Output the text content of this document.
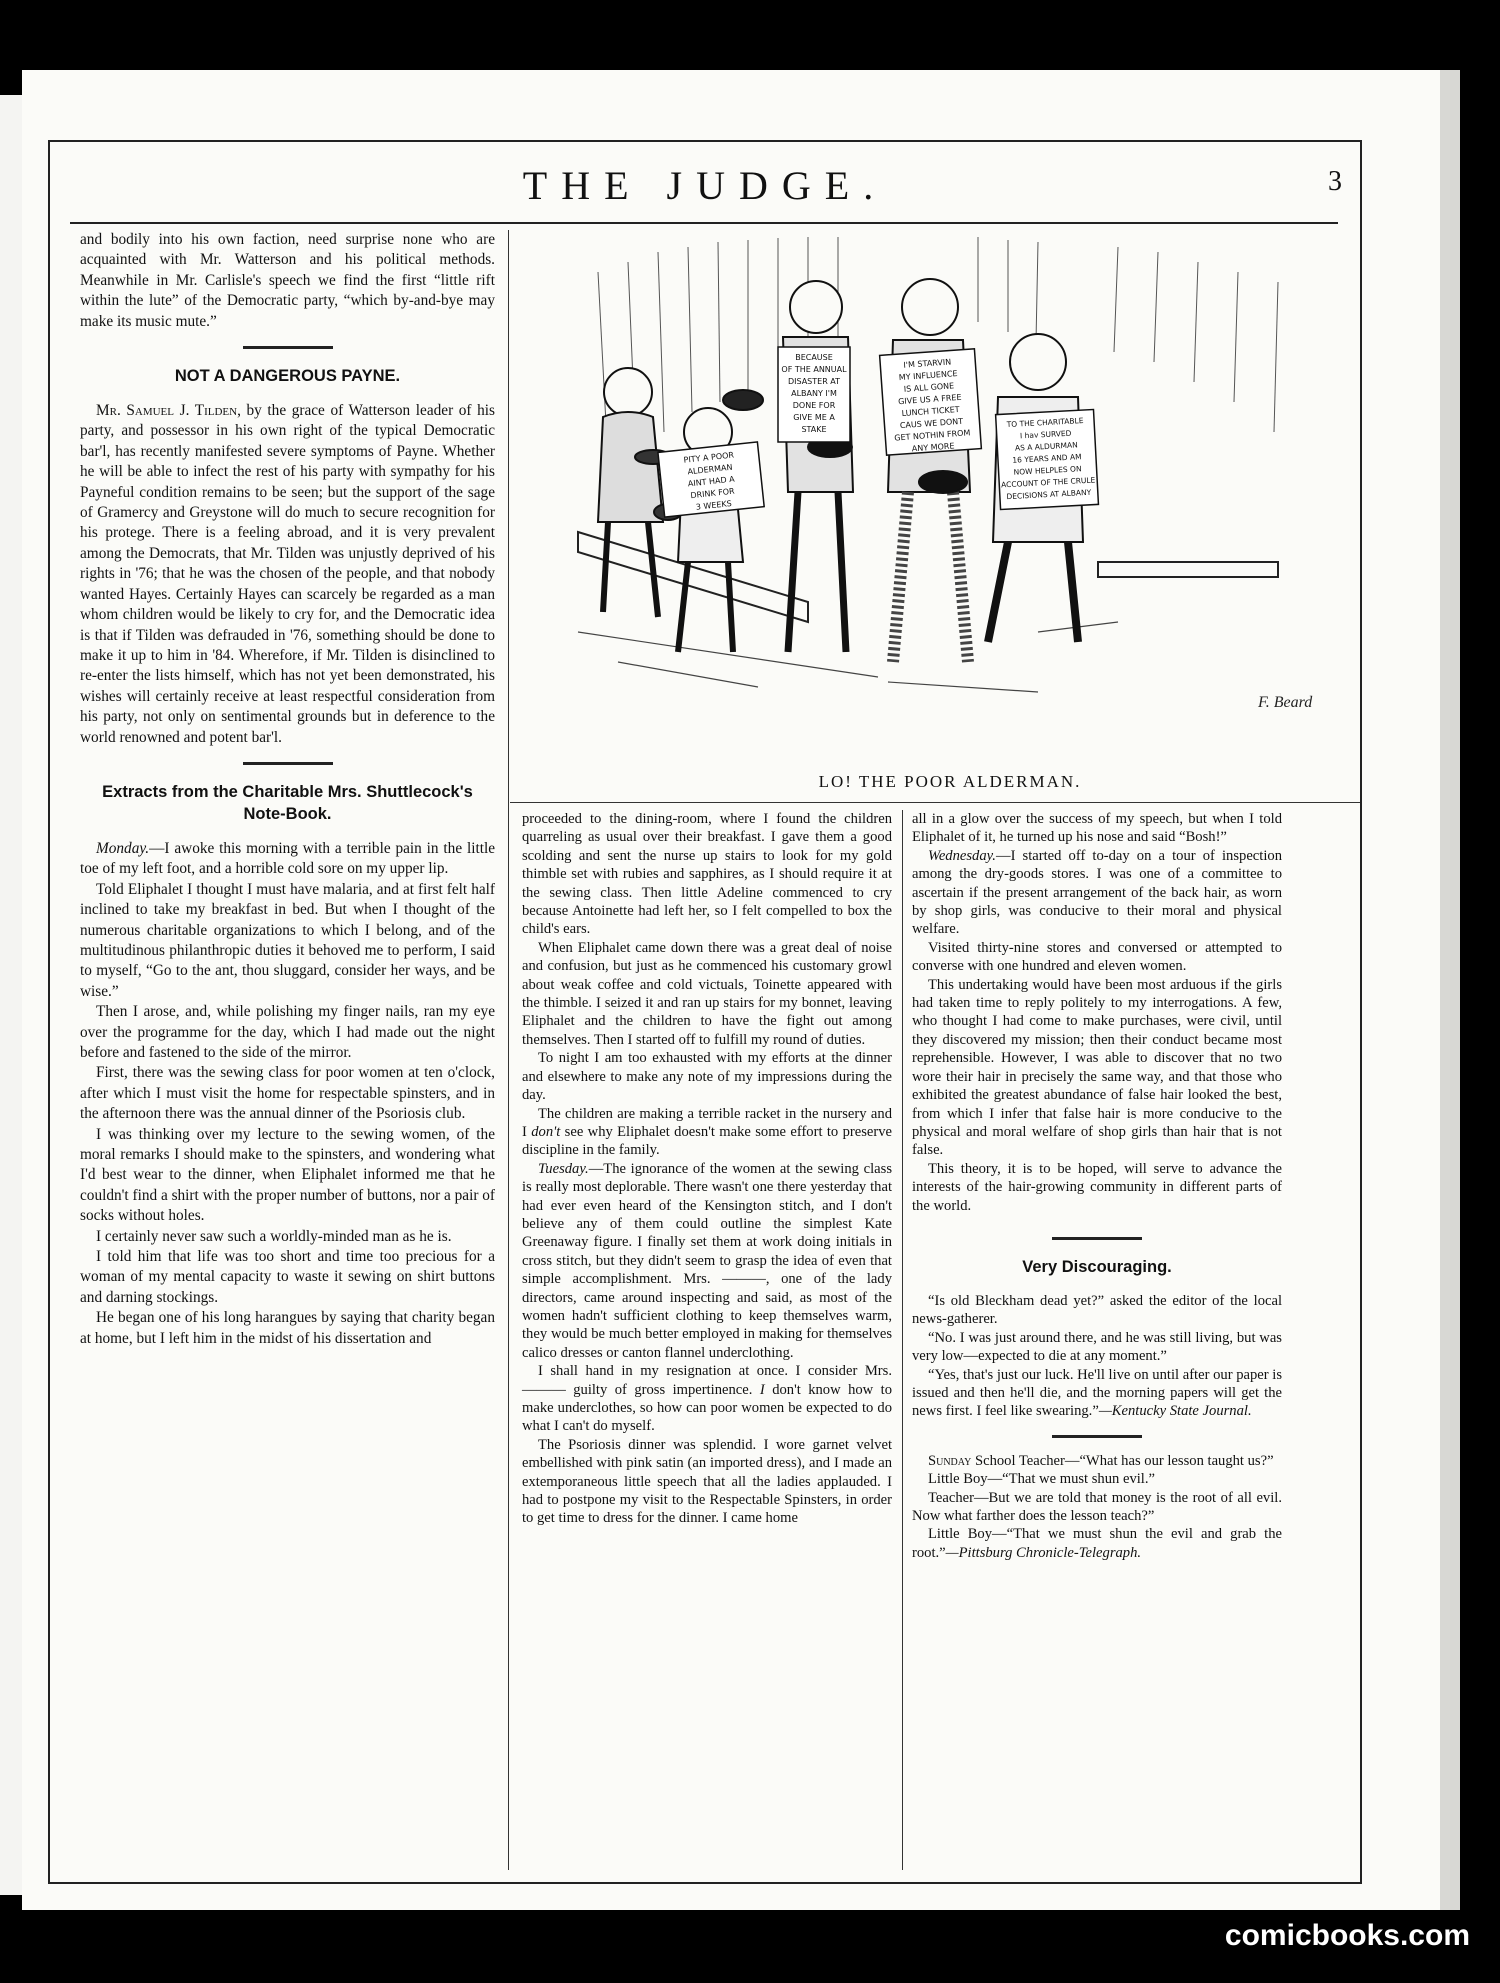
THE JUDGE.	3

and bodily into his own faction, need surprise none who are acquainted with Mr. Watterson and his political methods. Meanwhile in Mr. Carlisle's speech we find the first “little rift within the lute” of the Democratic party, “which by-and-bye may make its music mute.”

NOT A DANGEROUS PAYNE.

Mr. Samuel J. Tilden, by the grace of Watterson leader of his party, and possessor in his own right of the typical Democratic bar'l, has recently manifested severe symptoms of Payne. Whether he will be able to infect the rest of his party with sympathy for his Payneful condition remains to be seen; but the support of the sage of Gramercy and Greystone will do much to secure recognition for his protege. There is a feeling abroad, and it is very prevalent among the Democrats, that Mr. Tilden was unjustly deprived of his rights in '76; that he was the chosen of the people, and that nobody wanted Hayes. Certainly Hayes can scarcely be regarded as a man whom children would be likely to cry for, and the Democratic idea is that if Tilden was defrauded in '76, something should be done to make it up to him in '84. Wherefore, if Mr. Tilden is disinclined to re-enter the lists himself, which has not yet been demonstrated, his wishes will certainly receive at least respectful consideration from his party, not only on sentimental grounds but in deference to the world renowned and potent bar'l.

Extracts from the Charitable Mrs. Shuttlecock's Note-Book.

Monday.—I awoke this morning with a terrible pain in the little toe of my left foot, and a horrible cold sore on my upper lip.

Told Eliphalet I thought I must have malaria, and at first felt half inclined to take my breakfast in bed. But when I thought of the numerous charitable organizations to which I belong, and of the multitudinous philanthropic duties it behoved me to perform, I said to myself, “Go to the ant, thou sluggard, consider her ways, and be wise.”

Then I arose, and, while polishing my finger nails, ran my eye over the programme for the day, which I had made out the night before and fastened to the side of the mirror.

First, there was the sewing class for poor women at ten o'clock, after which I must visit the home for respectable spinsters, and in the afternoon there was the annual dinner of the Psoriosis club.

I was thinking over my lecture to the sewing women, of the moral remarks I should make to the spinsters, and wondering what I'd best wear to the dinner, when Eliphalet informed me that he couldn't find a shirt with the proper number of buttons, nor a pair of socks without holes.

I certainly never saw such a worldly-minded man as he is.

I told him that life was too short and time too precious for a woman of my mental capacity to waste it sewing on shirt buttons and darning stockings.

He began one of his long harangues by saying that charity began at home, but I left him in the midst of his dissertation and

PITY A POOR
ALDERMAN
AINT HAD A
DRINK FOR
3 WEEKS
BECAUSE
OF THE ANNUAL
DISASTER AT
ALBANY I'M
DONE FOR
GIVE ME A
STAKE
I'M STARVIN
MY INFLUENCE
IS ALL GONE
GIVE US A FREE
LUNCH TICKET
CAUS WE DONT
GET NOTHIN FROM
ANY MORE
TO THE CHARITABLE
I hav SURVED
AS A ALDURMAN
16 YEARS AND AM
NOW HELPLES ON
ACCOUNT OF THE CRULE
DECISIONS AT ALBANY
F. Beard
LO! THE POOR ALDERMAN.

proceeded to the dining-room, where I found the children quarreling as usual over their breakfast. I gave them a good scolding and sent the nurse up stairs to look for my gold thimble set with rubies and sapphires, as I should require it at the sewing class. Then little Adeline commenced to cry because Antoinette had left her, so I felt compelled to box the child's ears.

When Eliphalet came down there was a great deal of noise and confusion, but just as he commenced his customary growl about weak coffee and cold victuals, Toinette appeared with the thimble. I seized it and ran up stairs for my bonnet, leaving Eliphalet and the children to have the fight out among themselves. Then I started off to fulfill my round of duties.

To night I am too exhausted with my efforts at the dinner and elsewhere to make any note of my impressions during the day.

The children are making a terrible racket in the nursery and I don't see why Eliphalet doesn't make some effort to preserve discipline in the family.

Tuesday.—The ignorance of the women at the sewing class is really most deplorable. There wasn't one there yesterday that had ever even heard of the Kensington stitch, and I don't believe any of them could outline the simplest Kate Greenaway figure. I finally set them at work doing initials in cross stitch, but they didn't seem to grasp the idea of even that simple accomplishment. Mrs. ———, one of the lady directors, came around inspecting and said, as most of the women hadn't sufficient clothing to keep themselves warm, they would be much better employed in making for themselves calico dresses or canton flannel underclothing.

I shall hand in my resignation at once. I consider Mrs. ——— guilty of gross impertinence. I don't know how to make underclothes, so how can poor women be expected to do what I can't do myself.

The Psoriosis dinner was splendid. I wore garnet velvet embellished with pink satin (an imported dress), and I made an extemporaneous little speech that all the ladies applauded. I had to postpone my visit to the Respectable Spinsters, in order to get time to dress for the dinner. I came home

all in a glow over the success of my speech, but when I told Eliphalet of it, he turned up his nose and said “Bosh!”

Wednesday.—I started off to-day on a tour of inspection among the dry-goods stores. I was one of a committee to ascertain if the present arrangement of the back hair, as worn by shop girls, was conducive to their moral and physical welfare.

Visited thirty-nine stores and conversed or attempted to converse with one hundred and eleven women.

This undertaking would have been most arduous if the girls had taken time to reply politely to my interrogations. A few, who thought I had come to make purchases, were civil, until they discovered my mission; then their conduct became most reprehensible. However, I was able to discover that no two wore their hair in precisely the same way, and that those who exhibited the greatest abundance of false hair looked the best, from which I infer that false hair is more conducive to the physical and moral welfare of shop girls than hair that is not false.

This theory, it is to be hoped, will serve to advance the interests of the hair-growing community in different parts of the world.

Very Discouraging.

“Is old Bleckham dead yet?” asked the editor of the local news-gatherer.

“No. I was just around there, and he was still living, but was very low—expected to die at any moment.”

“Yes, that's just our luck. He'll live on until after our paper is issued and then he'll die, and the morning papers will get the news first. I feel like swearing.”—Kentucky State Journal.

Sunday School Teacher—“What has our lesson taught us?”

Little Boy—“That we must shun evil.”

Teacher—But we are told that money is the root of all evil. Now what farther does the lesson teach?”

Little Boy—“That we must shun the evil and grab the root.”—Pittsburg Chronicle-Telegraph.

comicbooks.com
